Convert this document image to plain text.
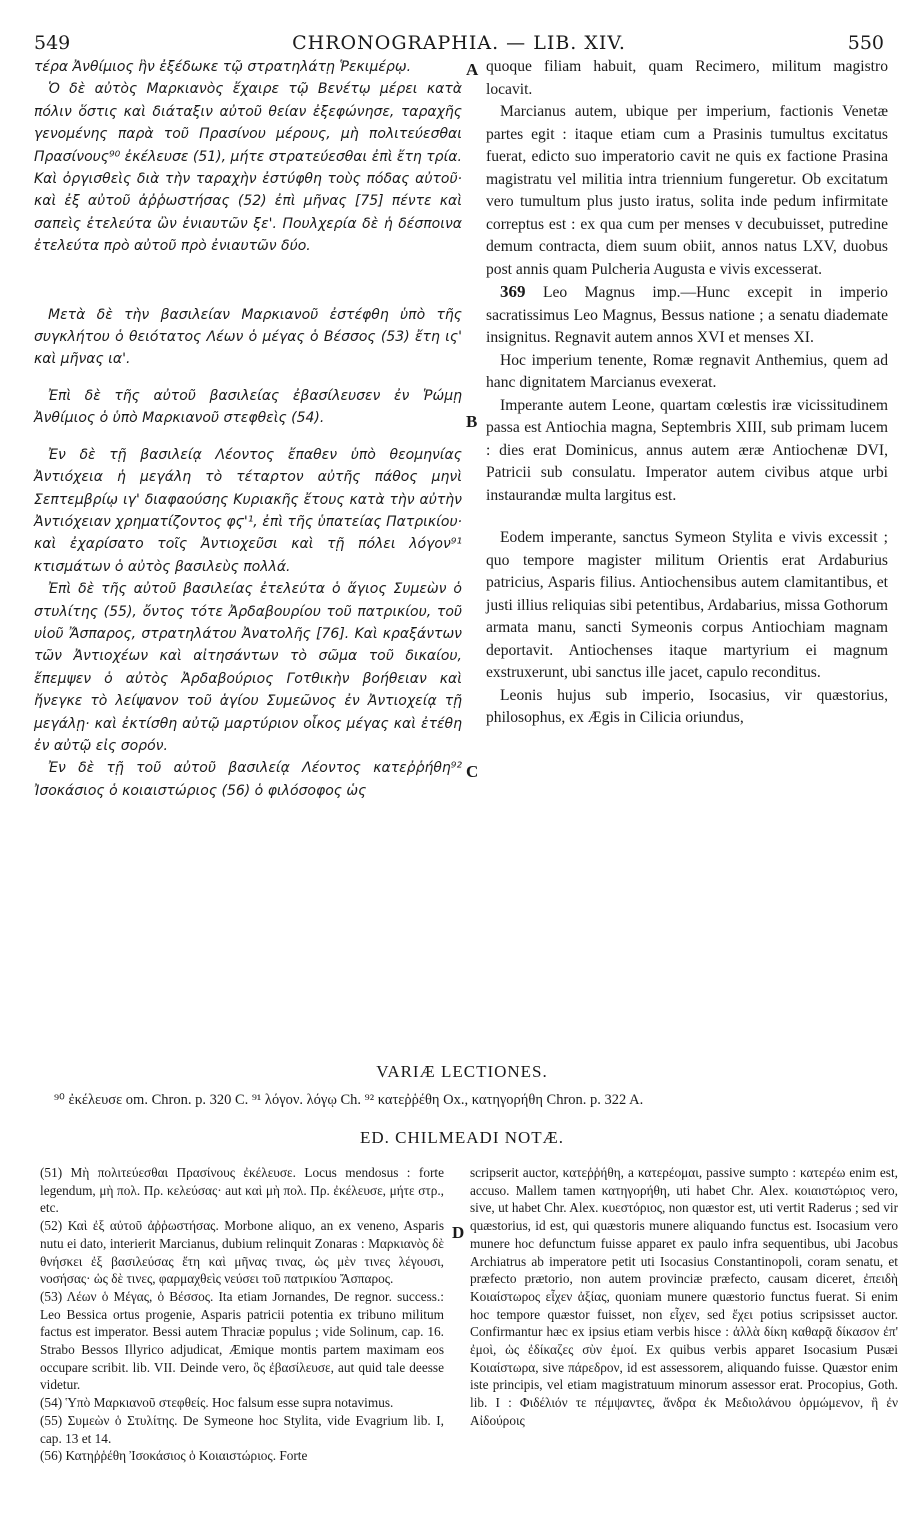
549	CHRONOGRAPHIA. — LIB. XIV.	550
A
B
C
D

τέρα Ἀνθίμιος ἣν ἐξέδωκε τῷ στρατηλάτῃ Ῥεκιμέρῳ.

Ὁ δὲ αὐτὸς Μαρκιανὸς ἔχαιρε τῷ Βενέτῳ μέρει κατὰ πόλιν ὅστις καὶ διάταξιν αὐτοῦ θείαν ἐξεφώνησε, ταραχῆς γενομένης παρὰ τοῦ Πρασίνου μέρους, μὴ πολιτεύεσθαι Πρασίνους⁹⁰ ἐκέλευσε (51), μήτε στρατεύεσθαι ἐπὶ ἔτη τρία. Καὶ ὀργισθεὶς διὰ τὴν ταραχὴν ἐστύφθη τοὺς πόδας αὐτοῦ· καὶ ἐξ αὐτοῦ ἀῤῥωστήσας (52) ἐπὶ μῆνας [75] πέντε καὶ σαπεὶς ἐτελεύτα ὢν ἐνιαυτῶν ξε'. Πουλχερία δὲ ἡ δέσποινα ἐτελεύτα πρὸ αὐτοῦ πρὸ ἐνιαυτῶν δύο.

Μετὰ δὲ τὴν βασιλείαν Μαρκιανοῦ ἐστέφθη ὑπὸ τῆς συγκλήτου ὁ θειότατος Λέων ὁ μέγας ὁ Βέσσος (53) ἔτη ις' καὶ μῆνας ια'.

Ἐπὶ δὲ τῆς αὐτοῦ βασιλείας ἐβασίλευσεν ἐν Ῥώμῃ Ἀνθίμιος ὁ ὑπὸ Μαρκιανοῦ στεφθεὶς (54).

Ἐν δὲ τῇ βασιλείᾳ Λέοντος ἔπαθεν ὑπὸ θεομηνίας Ἀντιόχεια ἡ μεγάλη τὸ τέταρτον αὐτῆς πάθος μηνὶ Σεπτεμβρίῳ ιγ' διαφαούσης Κυριακῆς ἔτους κατὰ τὴν αὐτὴν Ἀντιόχειαν χρηματίζοντος φϛ'¹, ἐπὶ τῆς ὑπατείας Πατρικίου· καὶ ἐχαρίσατο τοῖς Ἀντιοχεῦσι καὶ τῇ πόλει λόγον⁹¹ κτισμάτων ὁ αὐτὸς βασιλεὺς πολλά.

Ἐπὶ δὲ τῆς αὐτοῦ βασιλείας ἐτελεύτα ὁ ἅγιος Συμεὼν ὁ στυλίτης (55), ὄντος τότε Ἀρδαβουρίου τοῦ πατρικίου, τοῦ υἱοῦ Ἄσπαρος, στρατηλάτου Ἀνατολῆς [76]. Καὶ κραξάντων τῶν Ἀντιοχέων καὶ αἰτησάντων τὸ σῶμα τοῦ δικαίου, ἔπεμψεν ὁ αὐτὸς Ἀρδαβούριος Γοτθικὴν βοήθειαν καὶ ἤνεγκε τὸ λείψανον τοῦ ἁγίου Συμεῶνος ἐν Ἀντιοχείᾳ τῇ μεγάλῃ· καὶ ἐκτίσθη αὐτῷ μαρτύριον οἶκος μέγας καὶ ἐτέθη ἐν αὐτῷ εἰς σορόν.

Ἐν δὲ τῇ τοῦ αὐτοῦ βασιλείᾳ Λέοντος κατεῤῥήθη⁹² Ἰσοκάσιος ὁ κοιαιστώριος (56) ὁ φιλόσοφος ὡς

quoque filiam habuit, quam Recimero, militum magistro locavit.

Marcianus autem, ubique per imperium, factionis Venetæ partes egit : itaque etiam cum a Prasinis tumultus excitatus fuerat, edicto suo imperatorio cavit ne quis ex factione Prasina magistratu vel militia intra triennium fungeretur. Ob excitatum vero tumultum plus justo iratus, solita inde pedum infirmitate correptus est : ex qua cum per menses v decubuisset, putredine demum contracta, diem suum obiit, annos natus LXV, duobus post annis quam Pulcheria Augusta e vivis excesserat.

369 Leo Magnus imp.—Hunc excepit in imperio sacratissimus Leo Magnus, Bessus natione ; a senatu diademate insignitus. Regnavit autem annos XVI et menses XI.

Hoc imperium tenente, Romæ regnavit Anthemius, quem ad hanc dignitatem Marcianus evexerat.

Imperante autem Leone, quartam cœlestis iræ vicissitudinem passa est Antiochia magna, Septembris XIII, sub primam lucem : dies erat Dominicus, annus autem æræ Antiochenæ DVI, Patricii sub consulatu. Imperator autem civibus atque urbi instaurandæ multa largitus est.

Eodem imperante, sanctus Symeon Stylita e vivis excessit ; quo tempore magister militum Orientis erat Ardaburius patricius, Asparis filius. Antiochensibus autem clamitantibus, et justi illius reliquias sibi petentibus, Ardabarius, missa Gothorum armata manu, sancti Symeonis corpus Antiochiam magnam deportavit. Antiochenses itaque martyrium ei magnum exstruxerunt, ubi sanctus ille jacet, capulo reconditus.

Leonis hujus sub imperio, Isocasius, vir quæstorius, philosophus, ex Ægis in Cilicia oriundus,

VARIÆ LECTIONES.
⁹⁰ ἐκέλευσε om. Chron. p. 320 C. ⁹¹ λόγον. λόγῳ Ch. ⁹² κατεῤῥέθη Ox., κατηγορήθη Chron. p. 322 A.
ED. CHILMEADI NOTÆ.

(51) Μὴ πολιτεύεσθαι Πρασίνους ἐκέλευσε. Locus mendosus : forte legendum, μὴ πολ. Πρ. κελεύσας· aut καὶ μὴ πολ. Πρ. ἐκέλευσε, μήτε στρ., etc.

(52) Καὶ ἐξ αὐτοῦ ἀῤῥωστήσας. Morbone aliquo, an ex veneno, Asparis nutu ei dato, interierit Marcianus, dubium relinquit Zonaras : Μαρκιανὸς δὲ θνήσκει ἐξ βασιλεύσας ἔτη καὶ μῆνας τινας, ὡς μὲν τινες λέγουσι, νοσήσας· ὡς δὲ τινες, φαρμαχθεὶς νεύσει τοῦ πατρικίου Ἄσπαρος.

(53) Λέων ὁ Μέγας, ὁ Βέσσος. Ita etiam Jornandes, De regnor. success.: Leo Bessica ortus progenie, Asparis patricii potentia ex tribuno militum factus est imperator. Bessi autem Thraciæ populus ; vide Solinum, cap. 16. Strabo Bessos Illyrico adjudicat, Æmique montis partem maximam eos occupare scribit. lib. VII. Deinde vero, ὃς ἐβασίλευσε, aut quid tale deesse videtur.

(54) Ὑπὸ Μαρκιανοῦ στεφθείς. Hoc falsum esse supra notavimus.

(55) Συμεὼν ὁ Στυλίτης. De Symeone hoc Stylita, vide Evagrium lib. I, cap. 13 et 14.

(56) Κατηῤῥέθη Ἰσοκάσιος ὁ Κοιαιστώριος. Forte

scripserit auctor, κατεῤῥήθη, a κατερέομαι, passive sumpto : κατερέω enim est, accuso. Mallem tamen κατηγορήθη, uti habet Chr. Alex. κοιαιστώριος vero, sive, ut habet Chr. Alex. κυεστόριος, non quæstor est, uti vertit Raderus ; sed vir quæstorius, id est, qui quæstoris munere aliquando functus est. Isocasium vero munere hoc defunctum fuisse apparet ex paulo infra sequentibus, ubi Jacobus Archiatrus ab imperatore petit uti Isocasius Constantinopoli, coram senatu, et præfecto prætorio, non autem provinciæ præfecto, causam diceret, ἐπειδὴ Κοιαίστωρος εἶχεν ἀξίας, quoniam munere quæstorio functus fuerat. Si enim hoc tempore quæstor fuisset, non εἶχεν, sed ἔχει potius scripsisset auctor. Confirmantur hæc ex ipsius etiam verbis hisce : ἀλλὰ δίκη καθαρᾷ δίκασον ἐπ' ἐμοὶ, ὡς ἐδίκαζες σὺν ἐμοί. Ex quibus verbis apparet Isocasium Pusæi Κοιαίστωρα, sive πάρεδρον, id est assessorem, aliquando fuisse. Quæstor enim iste principis, vel etiam magistratuum minorum assessor erat. Procopius, Goth. lib. I : Φιδέλιόν τε πέμψαντες, ἄνδρα ἐκ Μεδιολάνου ὁρμώμενον, ἣ ἐν Αἰδούροις
